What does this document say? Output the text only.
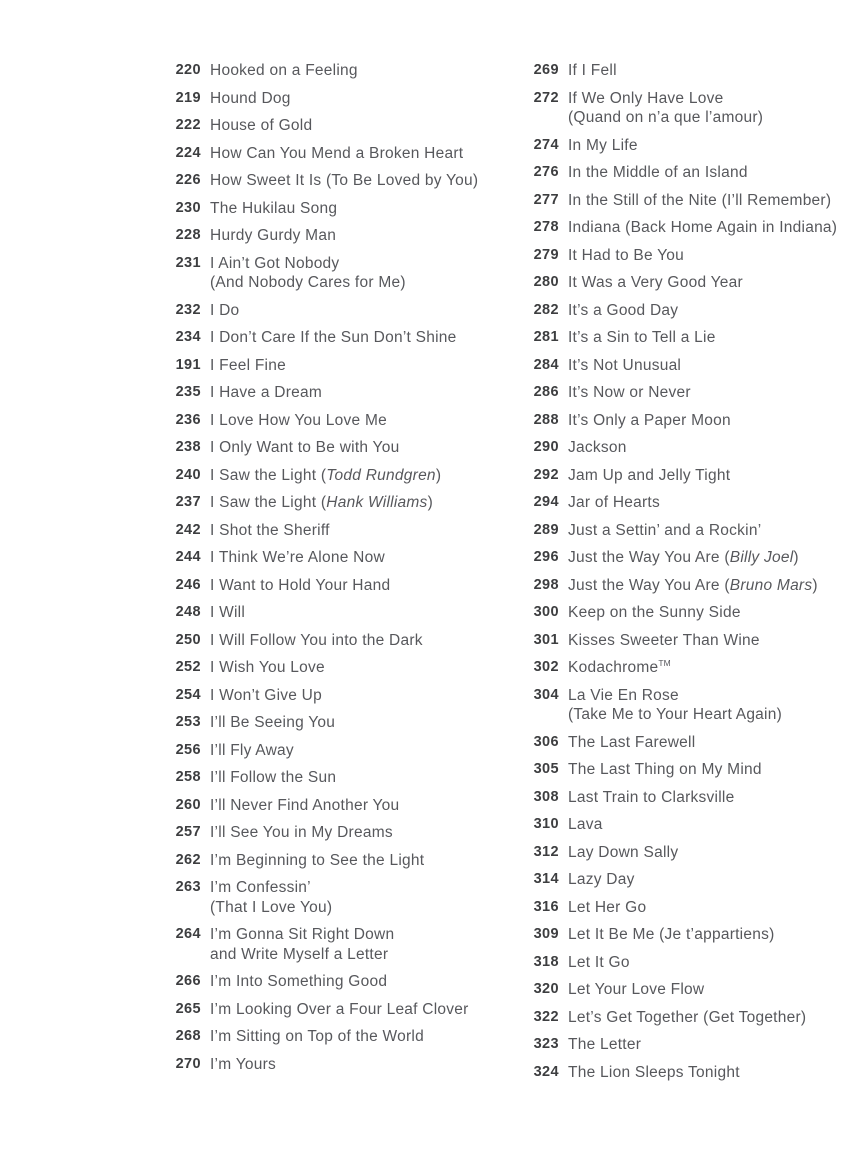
220 Hooked on a Feeling
219 Hound Dog
222 House of Gold
224 How Can You Mend a Broken Heart
226 How Sweet It Is (To Be Loved by You)
230 The Hukilau Song
228 Hurdy Gurdy Man
231 I Ain’t Got Nobody
(And Nobody Cares for Me)
232 I Do
234 I Don’t Care If the Sun Don’t Shine
191 I Feel Fine
235 I Have a Dream
236 I Love How You Love Me
238 I Only Want to Be with You
240 I Saw the Light (Todd Rundgren)
237 I Saw the Light (Hank Williams)
242 I Shot the Sheriff
244 I Think We’re Alone Now
246 I Want to Hold Your Hand
248 I Will
250 I Will Follow You into the Dark
252 I Wish You Love
254 I Won’t Give Up
253 I’ll Be Seeing You
256 I’ll Fly Away
258 I’ll Follow the Sun
260 I’ll Never Find Another You
257 I’ll See You in My Dreams
262 I’m Beginning to See the Light
263 I’m Confessin’
(That I Love You)
264 I’m Gonna Sit Right Down
and Write Myself a Letter
266 I’m Into Something Good
265 I’m Looking Over a Four Leaf Clover
268 I’m Sitting on Top of the World
270 I’m Yours
269 If I Fell
272 If We Only Have Love
(Quand on n’a que l’amour)
274 In My Life
276 In the Middle of an Island
277 In the Still of the Nite (I’ll Remember)
278 Indiana (Back Home Again in Indiana)
279 It Had to Be You
280 It Was a Very Good Year
282 It’s a Good Day
281 It’s a Sin to Tell a Lie
284 It’s Not Unusual
286 It’s Now or Never
288 It’s Only a Paper Moon
290 Jackson
292 Jam Up and Jelly Tight
294 Jar of Hearts
289 Just a Settin’ and a Rockin’
296 Just the Way You Are (Billy Joel)
298 Just the Way You Are (Bruno Mars)
300 Keep on the Sunny Side
301 Kisses Sweeter Than Wine
302 Kodachrome™
304 La Vie En Rose
(Take Me to Your Heart Again)
306 The Last Farewell
305 The Last Thing on My Mind
308 Last Train to Clarksville
310 Lava
312 Lay Down Sally
314 Lazy Day
316 Let Her Go
309 Let It Be Me (Je t’appartiens)
318 Let It Go
320 Let Your Love Flow
322 Let’s Get Together (Get Together)
323 The Letter
324 The Lion Sleeps Tonight
